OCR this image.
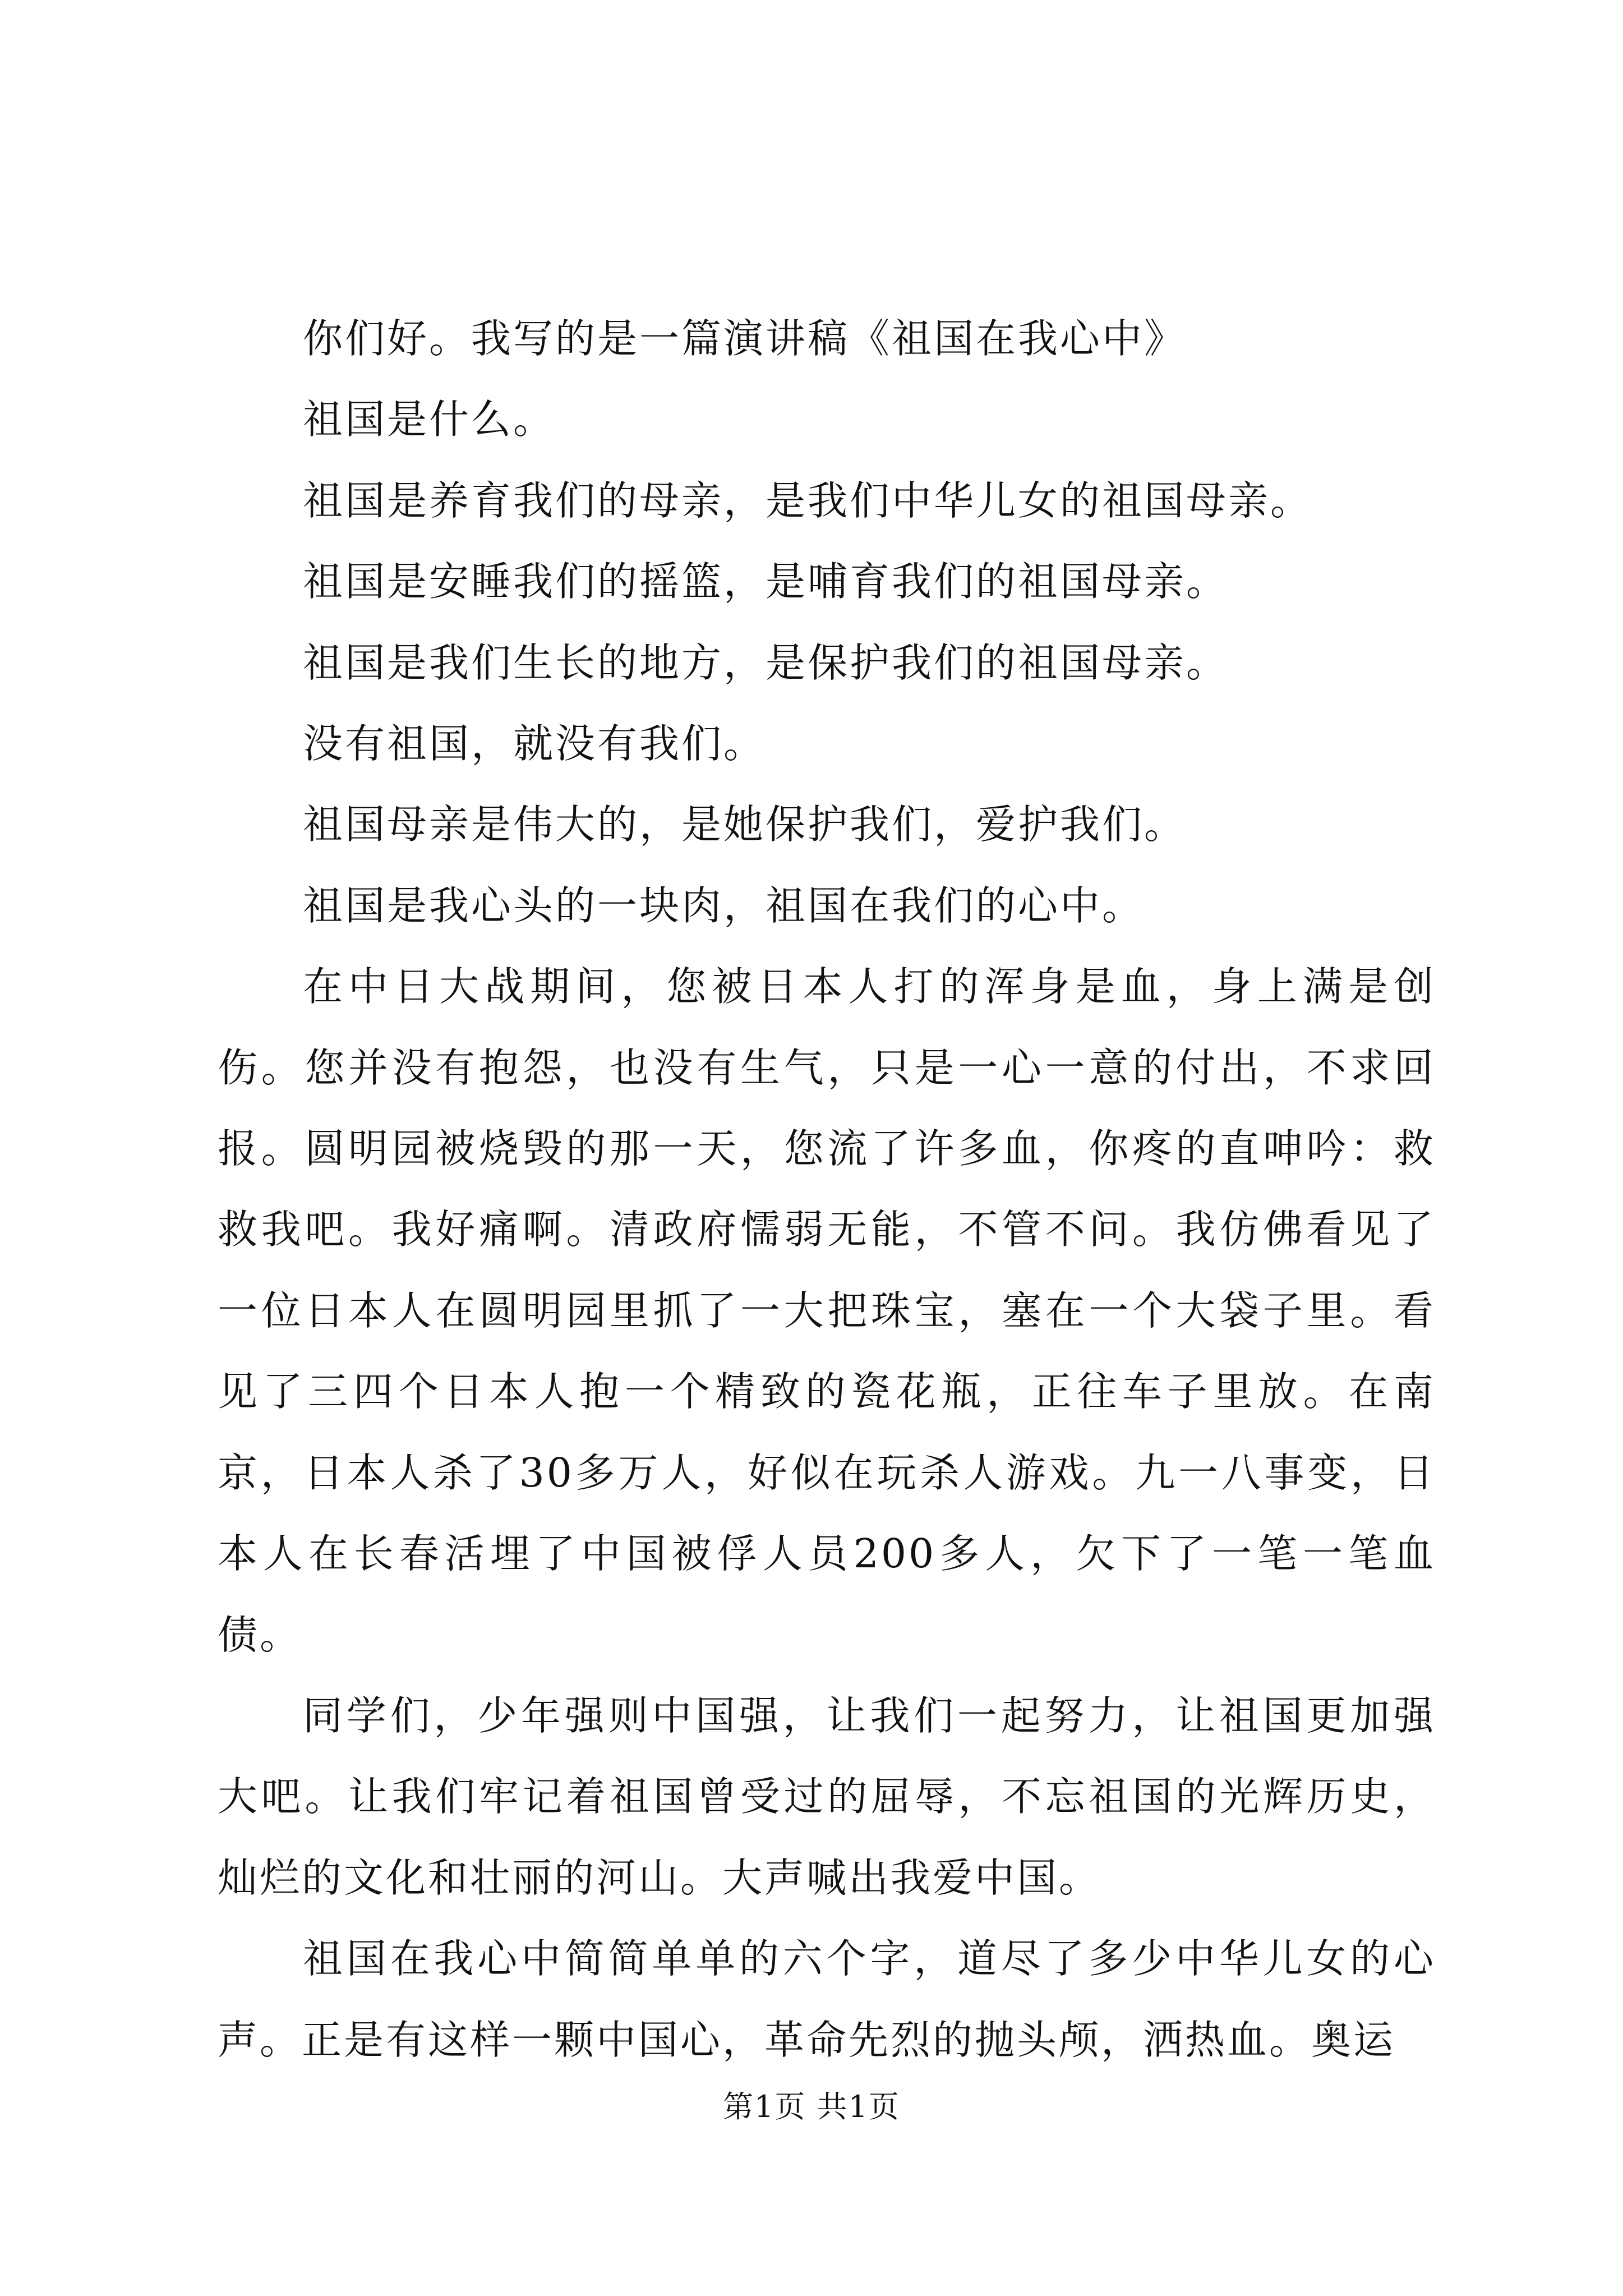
你们好。我写的是一篇演讲稿《祖国在我心中》

祖国是什么。

祖国是养育我们的母亲，是我们中华儿女的祖国母亲。

祖国是安睡我们的摇篮，是哺育我们的祖国母亲。

祖国是我们生长的地方，是保护我们的祖国母亲。

没有祖国，就没有我们。

祖国母亲是伟大的，是她保护我们，爱护我们。

祖国是我心头的一块肉，祖国在我们的心中。

在中日大战期间，您被日本人打的浑身是血，身上满是创伤。您并没有抱怨，也没有生气，只是一心一意的付出，不求回报。圆明园被烧毁的那一天，您流了许多血，你疼的直呻吟：救救我吧。我好痛啊。清政府懦弱无能，不管不问。我仿佛看见了一位日本人在圆明园里抓了一大把珠宝，塞在一个大袋子里。看见了三四个日本人抱一个精致的瓷花瓶，正往车子里放。在南京，日本人杀了30多万人，好似在玩杀人游戏。九一八事变，日本人在长春活埋了中国被俘人员200多人，欠下了一笔一笔血债。

同学们，少年强则中国强，让我们一起努力，让祖国更加强大吧。让我们牢记着祖国曾受过的屈辱，不忘祖国的光辉历史，灿烂的文化和壮丽的河山。大声喊出我爱中国。

祖国在我心中简简单单的六个字，道尽了多少中华儿女的心声。正是有这样一颗中国心，革命先烈的抛头颅，洒热血。奥运

第1页 共1页
